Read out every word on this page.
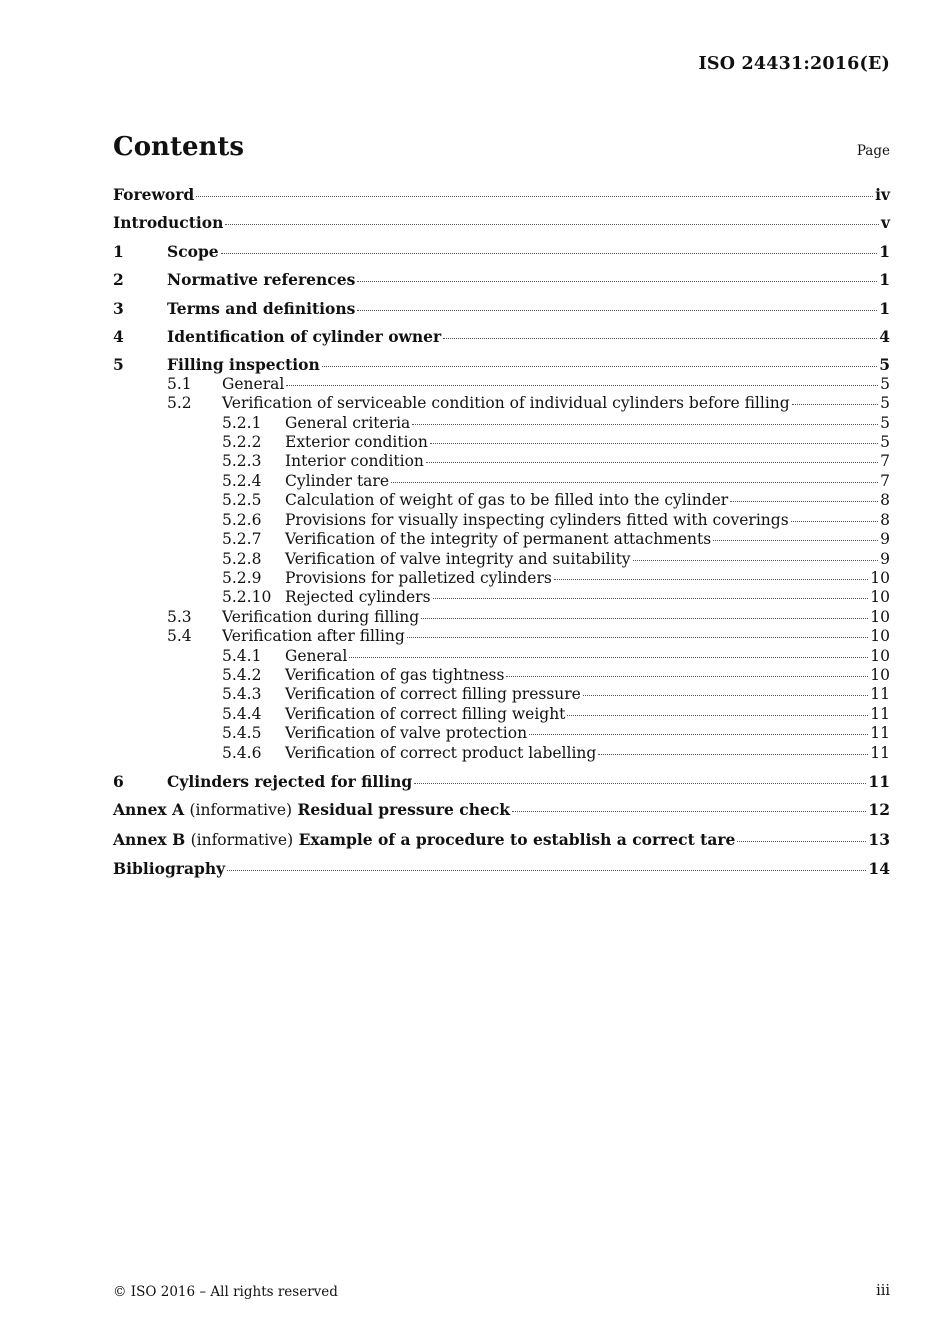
ISO 24431:2016(E)
Contents	Page
Foreword	iv
Introduction	v
1	Scope	1
2	Normative references	1
3	Terms and definitions	1
4	Identification of cylinder owner	4
5	Filling inspection	5
5.1	General	5
5.2	Verification of serviceable condition of individual cylinders before filling	5
5.2.1	General criteria	5
5.2.2	Exterior condition	5
5.2.3	Interior condition	7
5.2.4	Cylinder tare	7
5.2.5	Calculation of weight of gas to be filled into the cylinder	8
5.2.6	Provisions for visually inspecting cylinders fitted with coverings	8
5.2.7	Verification of the integrity of permanent attachments	9
5.2.8	Verification of valve integrity and suitability	9
5.2.9	Provisions for palletized cylinders	10
5.2.10 Rejected cylinders	10
5.3	Verification during filling	10
5.4	Verification after filling	10
5.4.1	General	10
5.4.2	Verification of gas tightness	10
5.4.3	Verification of correct filling pressure	11
5.4.4	Verification of correct filling weight	11
5.4.5	Verification of valve protection	11
5.4.6	Verification of correct product labelling	11
6	Cylinders rejected for filling	11
Annex A (informative) Residual pressure check	12
Annex B (informative) Example of a procedure to establish a correct tare	13
Bibliography	14
© ISO 2016 – All rights reserved	iii
